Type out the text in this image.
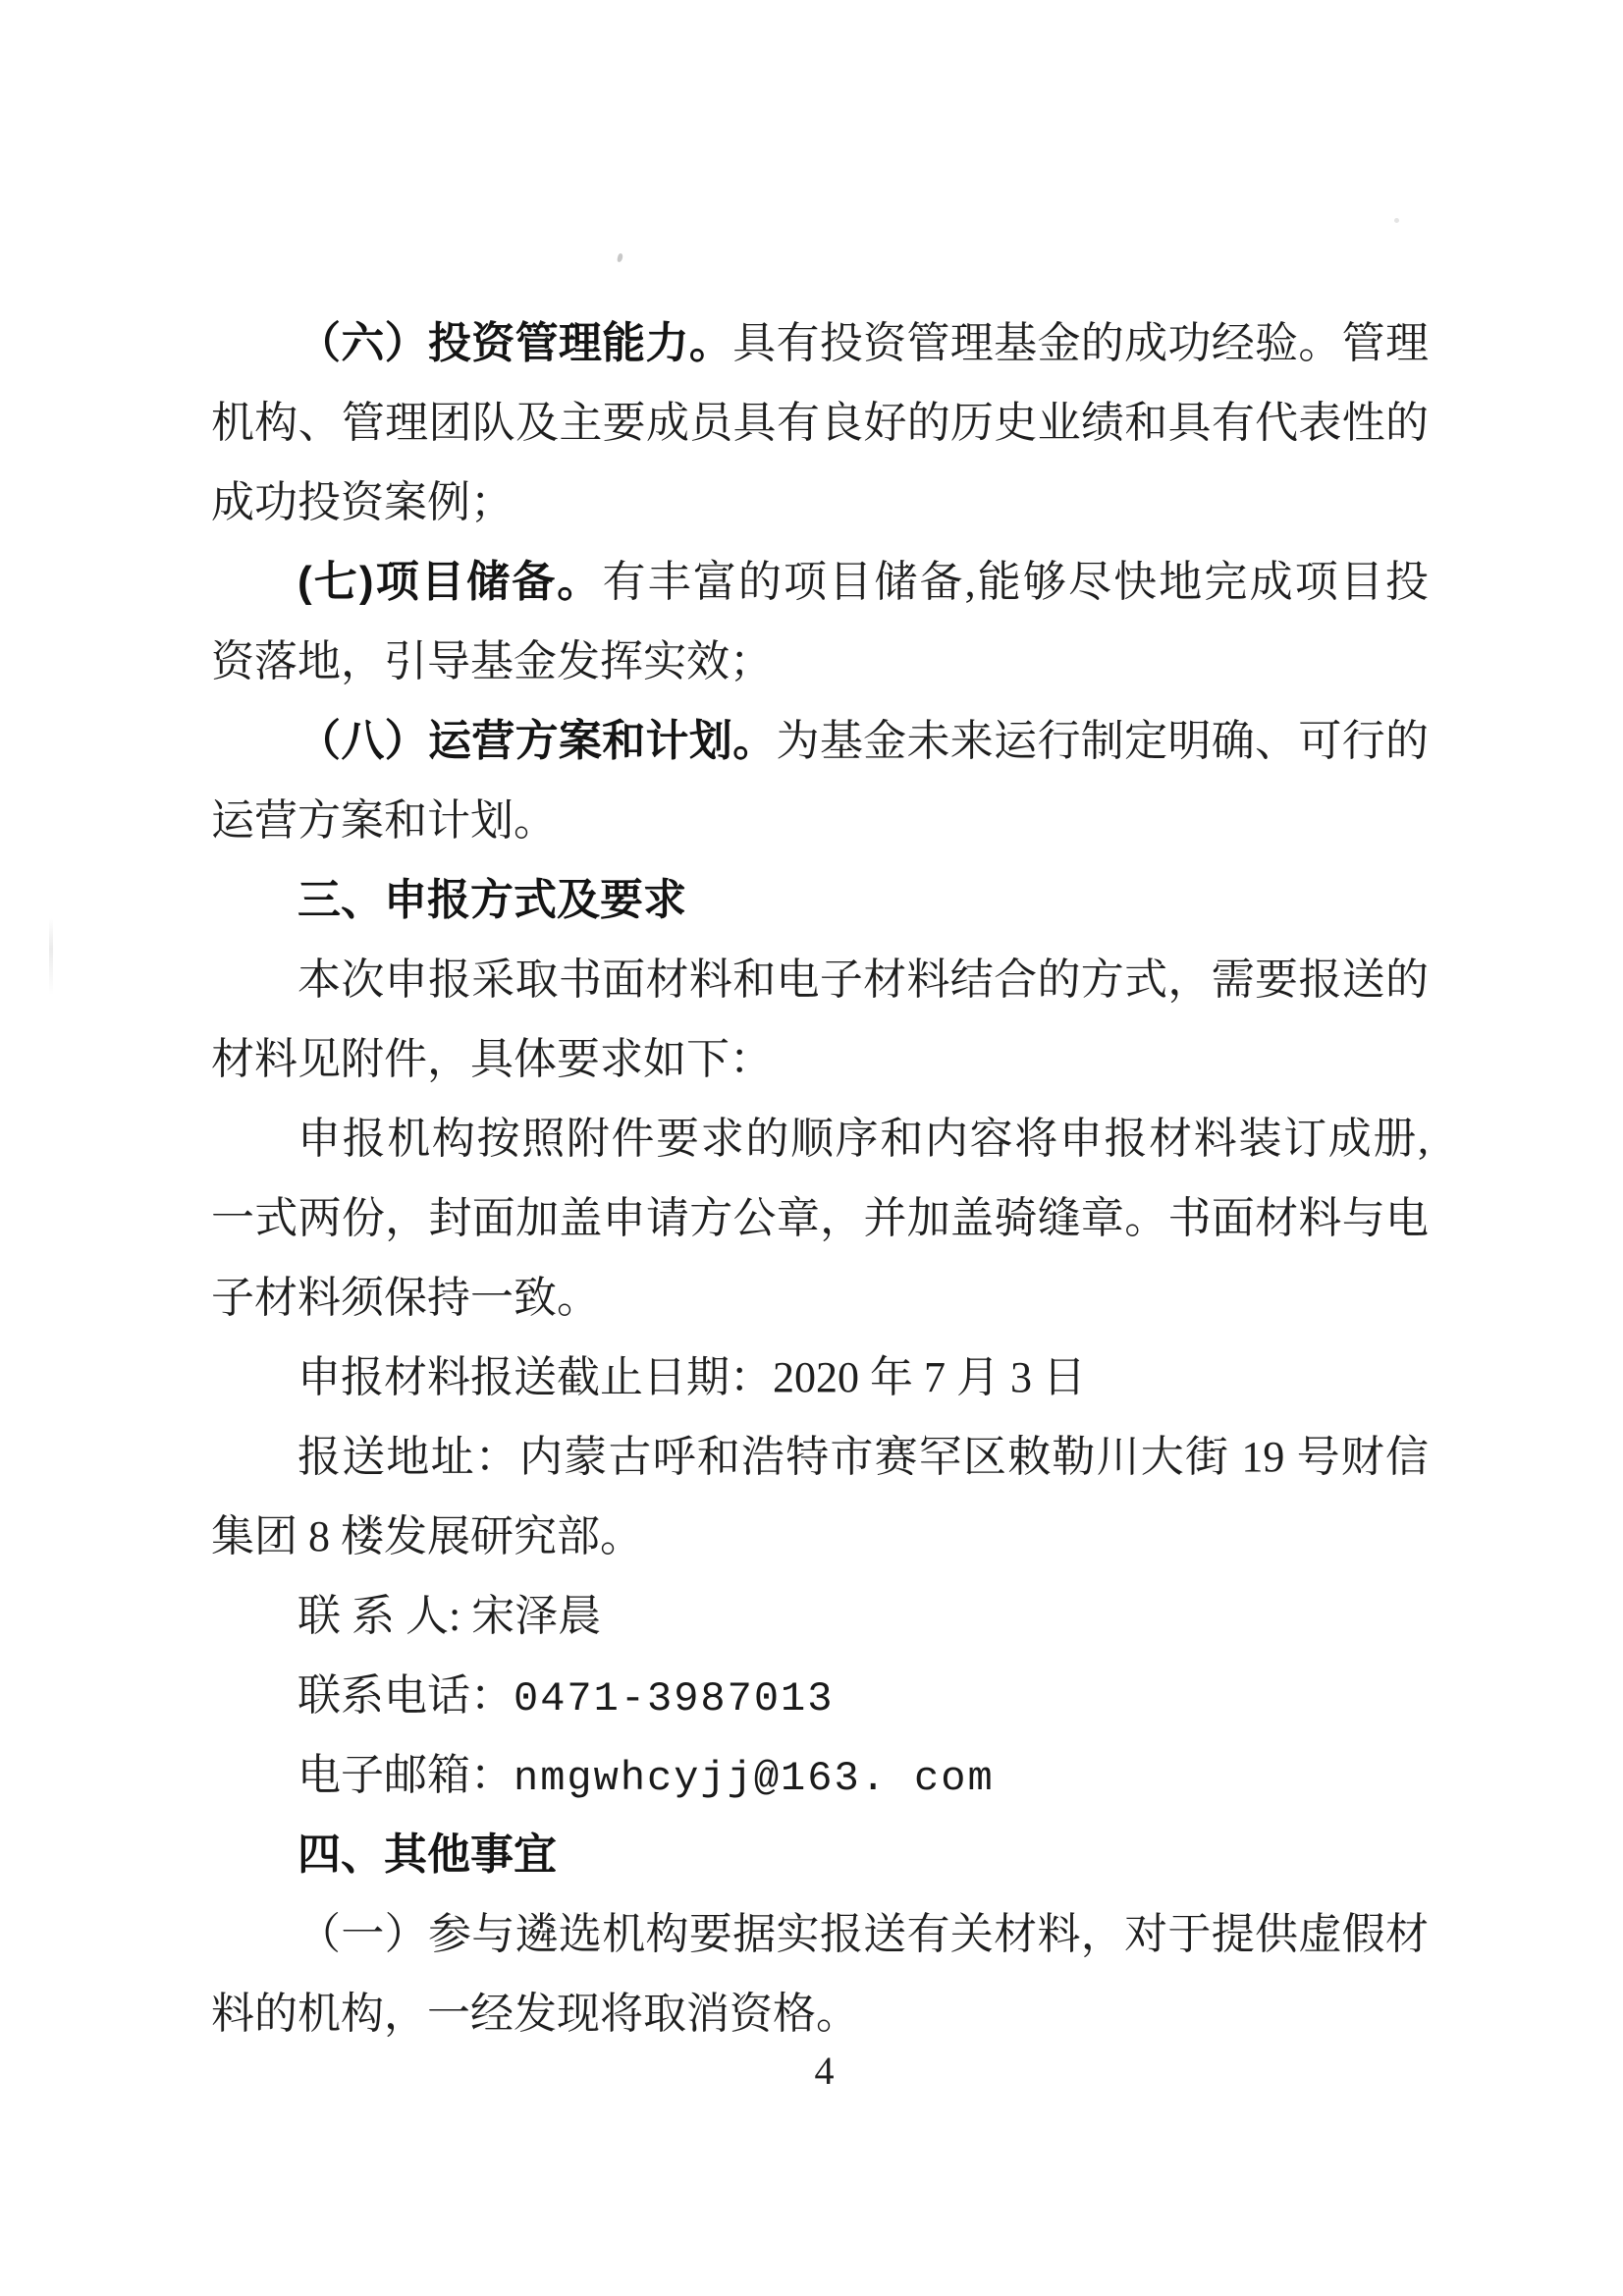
（六）投资管理能力。具有投资管理基金的成功经验。管理
机构、管理团队及主要成员具有良好的历史业绩和具有代表性的
成功投资案例；
(七)项目储备。有丰富的项目储备,能够尽快地完成项目投
资落地，引导基金发挥实效；
（八）运营方案和计划。为基金未来运行制定明确、可行的
运营方案和计划。
三、申报方式及要求
本次申报采取书面材料和电子材料结合的方式，需要报送的
材料见附件，具体要求如下：
申报机构按照附件要求的顺序和内容将申报材料装订成册,
一式两份，封面加盖申请方公章，并加盖骑缝章。书面材料与电
子材料须保持一致。
申报材料报送截止日期：2020 年 7 月 3 日
报送地址：内蒙古呼和浩特市赛罕区敕勒川大街 19 号财信
集团 8 楼发展研究部。
联 系 人: 宋泽晨
联系电话：0471-3987013
电子邮箱：nmgwhcyjj@163. com
四、其他事宜
（一）参与遴选机构要据实报送有关材料，对于提供虚假材
料的机构，一经发现将取消资格。
4
